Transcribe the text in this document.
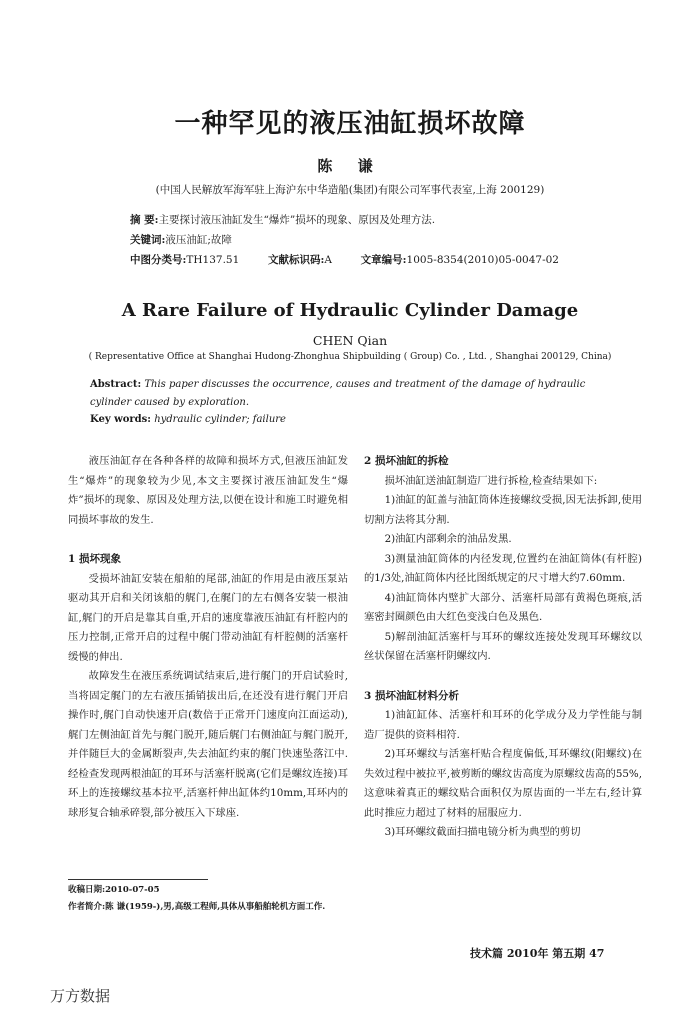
一种罕见的液压油缸损坏故障
陈 谦
(中国人民解放军海军驻上海沪东中华造船(集团)有限公司军事代表室,上海 200129)
摘 要:主要探讨液压油缸发生“爆炸”损坏的现象、原因及处理方法.
关键词:液压油缸;故障
中图分类号:TH137.51	文献标识码:A	文章编号:1005-8354(2010)05-0047-02
A Rare Failure of Hydraulic Cylinder Damage
CHEN Qian
( Representative Office at Shanghai Hudong-Zhonghua Shipbuilding ( Group) Co. , Ltd. , Shanghai 200129, China)
Abstract: This paper discusses the occurrence, causes and treatment of the damage of hydraulic cylinder caused by exploration.
Key words: hydraulic cylinder; failure

液压油缸存在各种各样的故障和损坏方式,但液压油缸发生“爆炸”的现象较为少见,本文主要探讨液压油缸发生“爆炸”损坏的现象、原因及处理方法,以便在设计和施工时避免相同损坏事故的发生.

1 损坏现象

受损坏油缸安装在船舶的尾部,油缸的作用是由液压泵站驱动其开启和关闭该船的艉门,在艉门的左右侧各安装一根油缸,艉门的开启是靠其自重,开启的速度靠液压油缸有杆腔内的压力控制,正常开启的过程中艉门带动油缸有杆腔侧的活塞杆缓慢的伸出.

故障发生在液压系统调试结束后,进行艉门的开启试验时,当将固定艉门的左右液压插销拔出后,在还没有进行艉门开启操作时,艉门自动快速开启(数倍于正常开门速度向江面运动),艉门左侧油缸首先与艉门脱开,随后艉门右侧油缸与艉门脱开,并伴随巨大的金属断裂声,失去油缸约束的艉门快速坠落江中.经检查发现两根油缸的耳环与活塞杆脱离(它们是螺纹连接)耳环上的连接螺纹基本拉平,活塞杆伸出缸体约10mm,耳环内的球形复合轴承碎裂,部分被压入下球座.

2 损坏油缸的拆检

损坏油缸送油缸制造厂进行拆检,检查结果如下:

1)油缸的缸盖与油缸筒体连接螺纹受损,因无法拆卸,使用切割方法将其分割.

2)油缸内部剩余的油品发黑.

3)测量油缸筒体的内径发现,位置约在油缸筒体(有杆腔)的1/3处,油缸筒体内径比图纸规定的尺寸增大约7.60mm.

4)油缸筒体内壁扩大部分、活塞杆局部有黄褐色斑痕,活塞密封圈颜色由大红色变浅白色及黑色.

5)解剖油缸活塞杆与耳环的螺纹连接处发现耳环螺纹以丝状保留在活塞杆阴螺纹内.

3 损坏油缸材料分析

1)油缸缸体、活塞杆和耳环的化学成分及力学性能与制造厂提供的资料相符.

2)耳环螺纹与活塞杆贴合程度偏低,耳环螺纹(阳螺纹)在失效过程中被拉平,被剪断的螺纹齿高度为原螺纹齿高的55%,这意味着真正的螺纹贴合面积仅为原齿面的一半左右,经计算此时推应力超过了材料的屈服应力.

3)耳环螺纹截面扫描电镜分析为典型的剪切

收稿日期:2010-07-05
作者简介:陈 谦(1959-),男,高级工程师,具体从事船舶轮机方面工作.
技术篇 2010年 第五期 47
万方数据
